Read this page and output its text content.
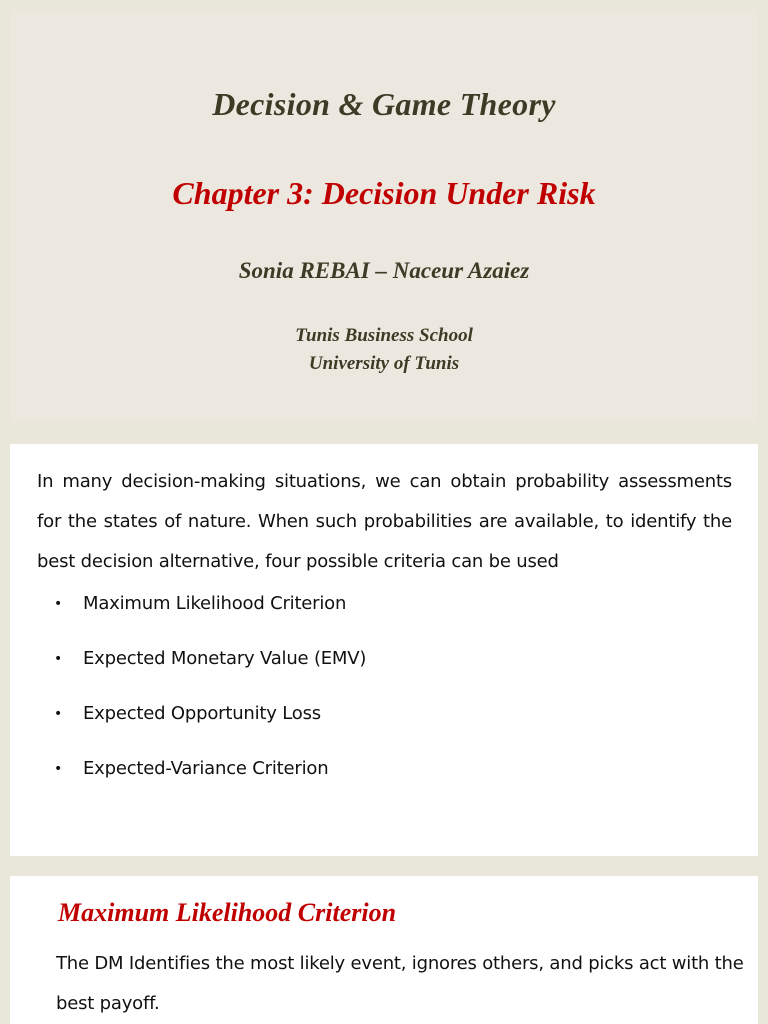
Decision & Game Theory
Chapter 3: Decision Under Risk

Sonia REBAI – Naceur Azaiez

Tunis Business School

University of Tunis

In many decision-making situations, we can obtain probability assessments for the states of nature. When such probabilities are available, to identify the best decision alternative, four possible criteria can be used

• Maximum Likelihood Criterion
• Expected Monetary Value (EMV)
• Expected Opportunity Loss
• Expected-Variance Criterion
Maximum Likelihood Criterion

The DM Identifies the most likely event, ignores others, and picks act with the best payoff.
